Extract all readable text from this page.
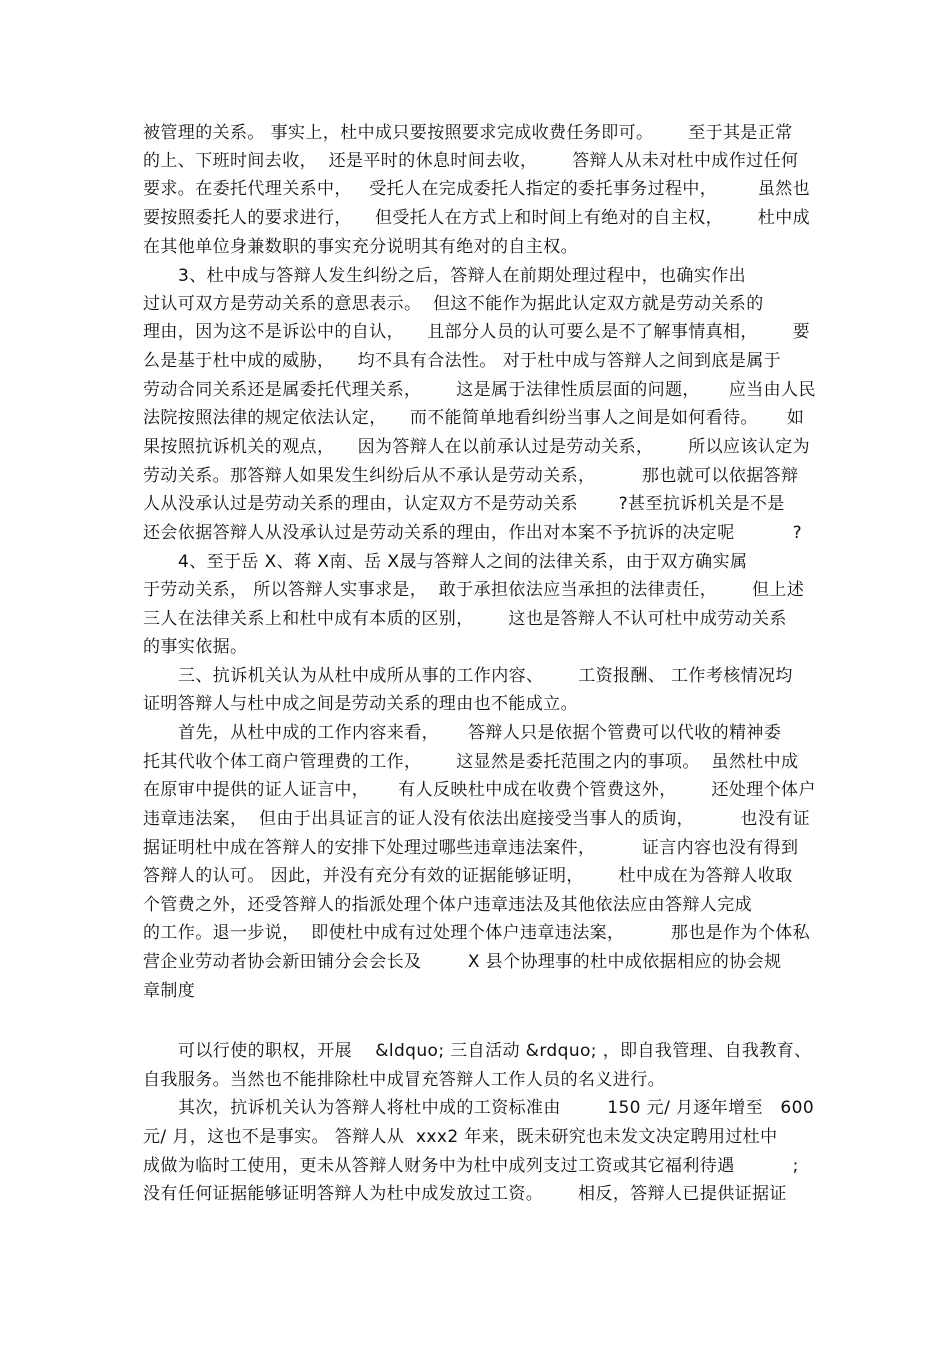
被管理的关系。 事实上，杜中成只要按照要求完成收费任务即可。      至于其是正常
的上、下班时间去收，  还是平时的休息时间去收，      答辩人从未对杜中成作过任何
要求。在委托代理关系中，   受托人在完成委托人指定的委托事务过程中，       虽然也
要按照委托人的要求进行，    但受托人在方式上和时间上有绝对的自主权，      杜中成
在其他单位身兼数职的事实充分说明其有绝对的自主权。
3、杜中成与答辩人发生纠纷之后，答辩人在前期处理过程中，也确实作出
过认可双方是劳动关系的意思表示。  但这不能作为据此认定双方就是劳动关系的
理由，因为这不是诉讼中的自认，    且部分人员的认可要么是不了解事情真相，      要
么是基于杜中成的威胁，    均不具有合法性。 对于杜中成与答辩人之间到底是属于
劳动合同关系还是属委托代理关系，      这是属于法律性质层面的问题，     应当由人民
法院按照法律的规定依法认定，    而不能简单地看纠纷当事人之间是如何看待。     如
果按照抗诉机关的观点，    因为答辩人在以前承认过是劳动关系，      所以应该认定为
劳动关系。那答辩人如果发生纠纷后从不承认是劳动关系，        那也就可以依据答辩
人从没承认过是劳动关系的理由，认定双方不是劳动关系       ?甚至抗诉机关是不是
还会依据答辩人从没承认过是劳动关系的理由，作出对本案不予抗诉的决定呢          ?
4、至于岳 X、蒋 X南、岳 X晟与答辩人之间的法律关系，由于双方确实属
于劳动关系， 所以答辩人实事求是，  敢于承担依法应当承担的法律责任，      但上述
三人在法律关系上和杜中成有本质的区别，      这也是答辩人不认可杜中成劳动关系
的事实依据。
三、抗诉机关认为从杜中成所从事的工作内容、      工资报酬、 工作考核情况均
证明答辩人与杜中成之间是劳动关系的理由也不能成立。
首先，从杜中成的工作内容来看，     答辩人只是依据个管费可以代收的精神委
托其代收个体工商户管理费的工作，      这显然是委托范围之内的事项。  虽然杜中成
在原审中提供的证人证言中，     有人反映杜中成在收费个管费这外，      还处理个体户
违章违法案，  但由于出具证言的证人没有依法出庭接受当事人的质询，        也没有证
据证明杜中成在答辩人的安排下处理过哪些违章违法案件，        证言内容也没有得到
答辩人的认可。 因此，并没有充分有效的证据能够证明，      杜中成在为答辩人收取
个管费之外，还受答辩人的指派处理个体户违章违法及其他依法应由答辩人完成
的工作。退一步说，  即使杜中成有过处理个体户违章违法案，        那也是作为个体私
营企业劳动者协会新田铺分会会长及        X 县个协理事的杜中成依据相应的协会规
章制度
可以行使的职权，开展    &ldquo; 三自活动 &rdquo; ，即自我管理、自我教育、
自我服务。当然也不能排除杜中成冒充答辩人工作人员的名义进行。
其次，抗诉机关认为答辩人将杜中成的工资标准由        150 元/ 月逐年增至   600
元/ 月，这也不是事实。 答辩人从  xxx2 年来，既未研究也未发文决定聘用过杜中
成做为临时工使用，更未从答辩人财务中为杜中成列支过工资或其它福利待遇          ;
没有任何证据能够证明答辩人为杜中成发放过工资。      相反，答辩人已提供证据证
